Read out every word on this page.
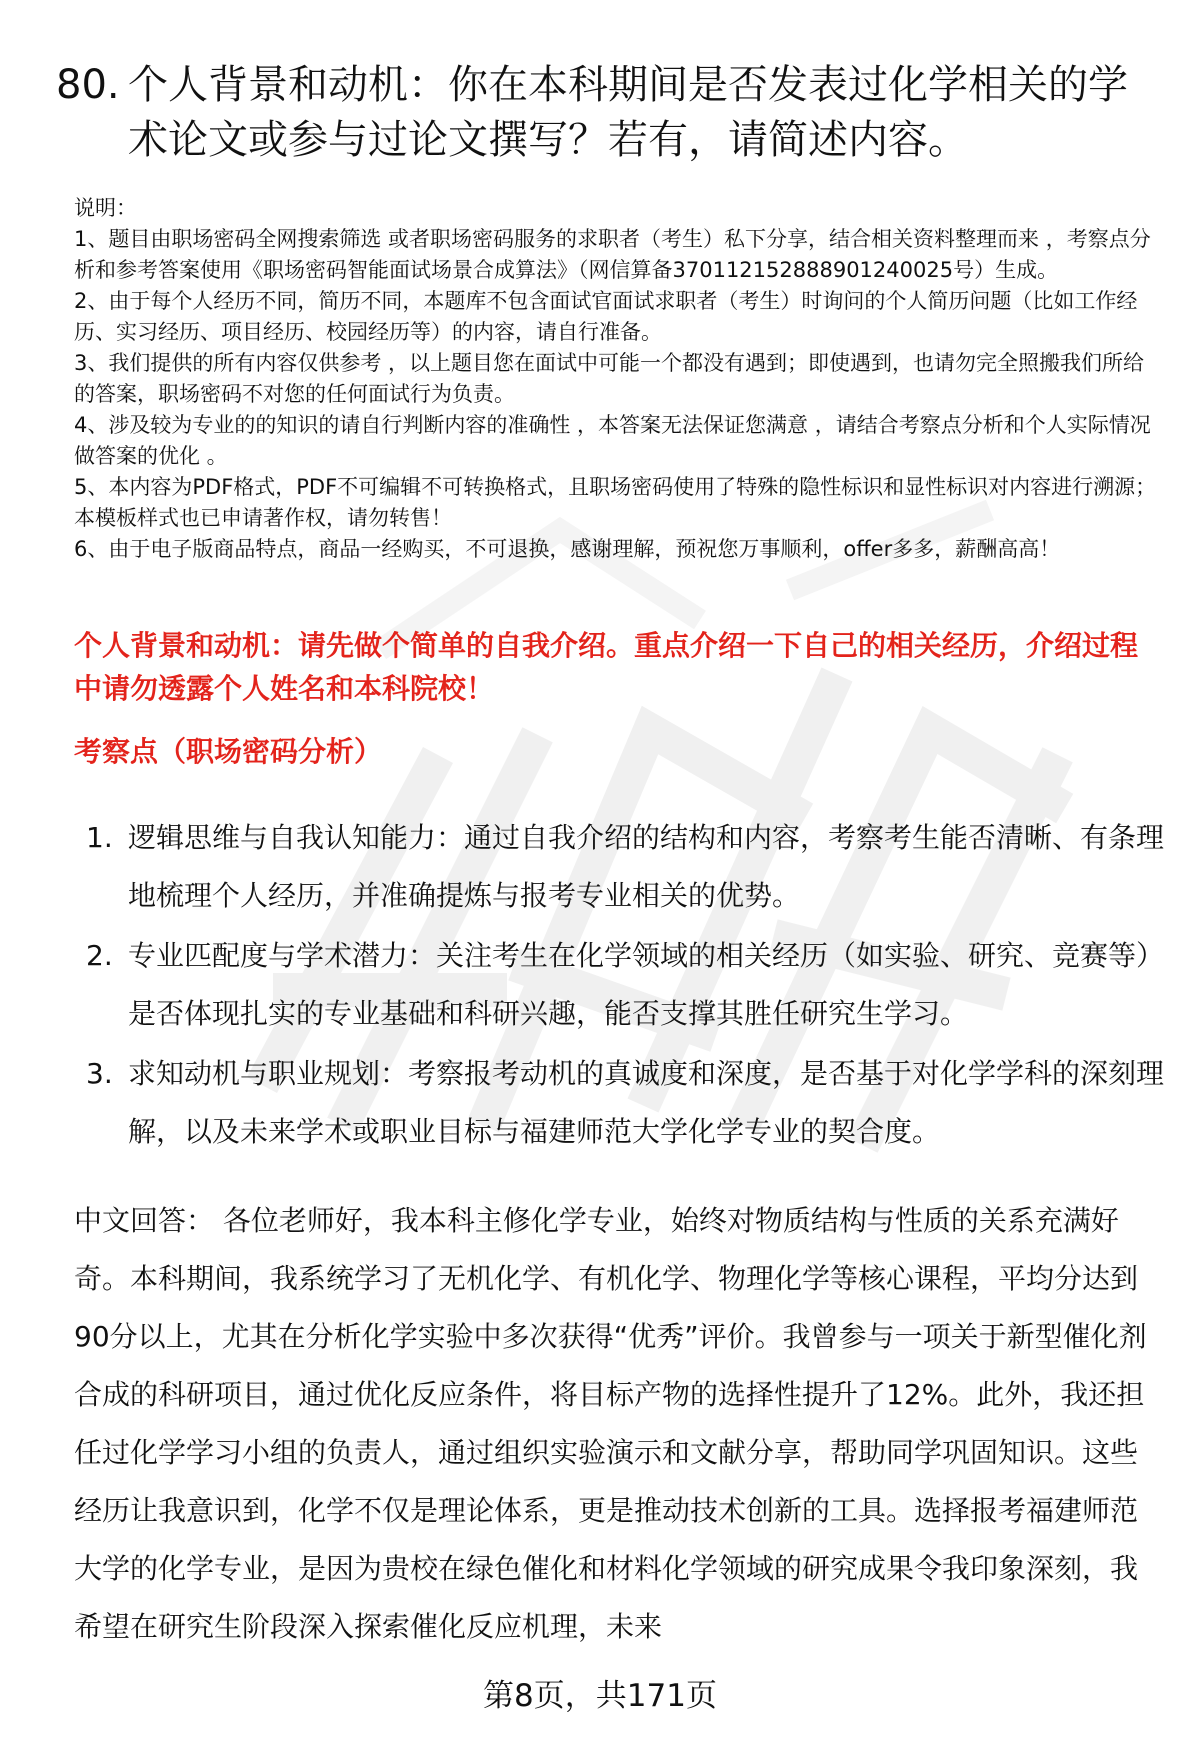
80. 个人背景和动机：你在本科期间是否发表过化学相关的学术论文或参与过论文撰写？若有，请简述内容。

说明：

1、题目由职场密码全网搜索筛选 或者职场密码服务的求职者（考生）私下分享，结合相关资料整理而来 ，考察点分析和参考答案使用《职场密码智能面试场景合成算法》（网信算备370112152888901240025号）生成。

2、由于每个人经历不同，简历不同，本题库不包含面试官面试求职者（考生）时询问的个人简历问题（比如工作经历、实习经历、项目经历、校园经历等）的内容，请自行准备。

3、我们提供的所有内容仅供参考 ，以上题目您在面试中可能一个都没有遇到；即使遇到，也请勿完全照搬我们所给的答案，职场密码不对您的任何面试行为负责。

4、涉及较为专业的的知识的请自行判断内容的准确性 ，本答案无法保证您满意 ，请结合考察点分析和个人实际情况做答案的优化 。

5、本内容为PDF格式，PDF不可编辑不可转换格式，且职场密码使用了特殊的隐性标识和显性标识对内容进行溯源；本模板样式也已申请著作权，请勿转售！

6、由于电子版商品特点，商品一经购买，不可退换，感谢理解，预祝您万事顺利，offer多多，薪酬高高！

个人背景和动机：请先做个简单的自我介绍。重点介绍一下自己的相关经历，介绍过程中请勿透露个人姓名和本科院校！

考察点（职场密码分析）

1. 逻辑思维与自我认知能力：通过自我介绍的结构和内容，考察考生能否清晰、有条理地梳理个人经历，并准确提炼与报考专业相关的优势。
2. 专业匹配度与学术潜力：关注考生在化学领域的相关经历（如实验、研究、竞赛等）是否体现扎实的专业基础和科研兴趣，能否支撑其胜任研究生学习。
3. 求知动机与职业规划：考察报考动机的真诚度和深度，是否基于对化学学科的深刻理解，以及未来学术或职业目标与福建师范大学化学专业的契合度。

中文回答： 各位老师好，我本科主修化学专业，始终对物质结构与性质的关系充满好奇。本科期间，我系统学习了无机化学、有机化学、物理化学等核心课程，平均分达到90分以上，尤其在分析化学实验中多次获得“优秀”评价。我曾参与一项关于新型催化剂合成的科研项目，通过优化反应条件，将目标产物的选择性提升了12%。此外，我还担任过化学学习小组的负责人，通过组织实验演示和文献分享，帮助同学巩固知识。这些经历让我意识到，化学不仅是理论体系，更是推动技术创新的工具。选择报考福建师范大学的化学专业，是因为贵校在绿色催化和材料化学领域的研究成果令我印象深刻，我希望在研究生阶段深入探索催化反应机理，未来

第8页，共171页
